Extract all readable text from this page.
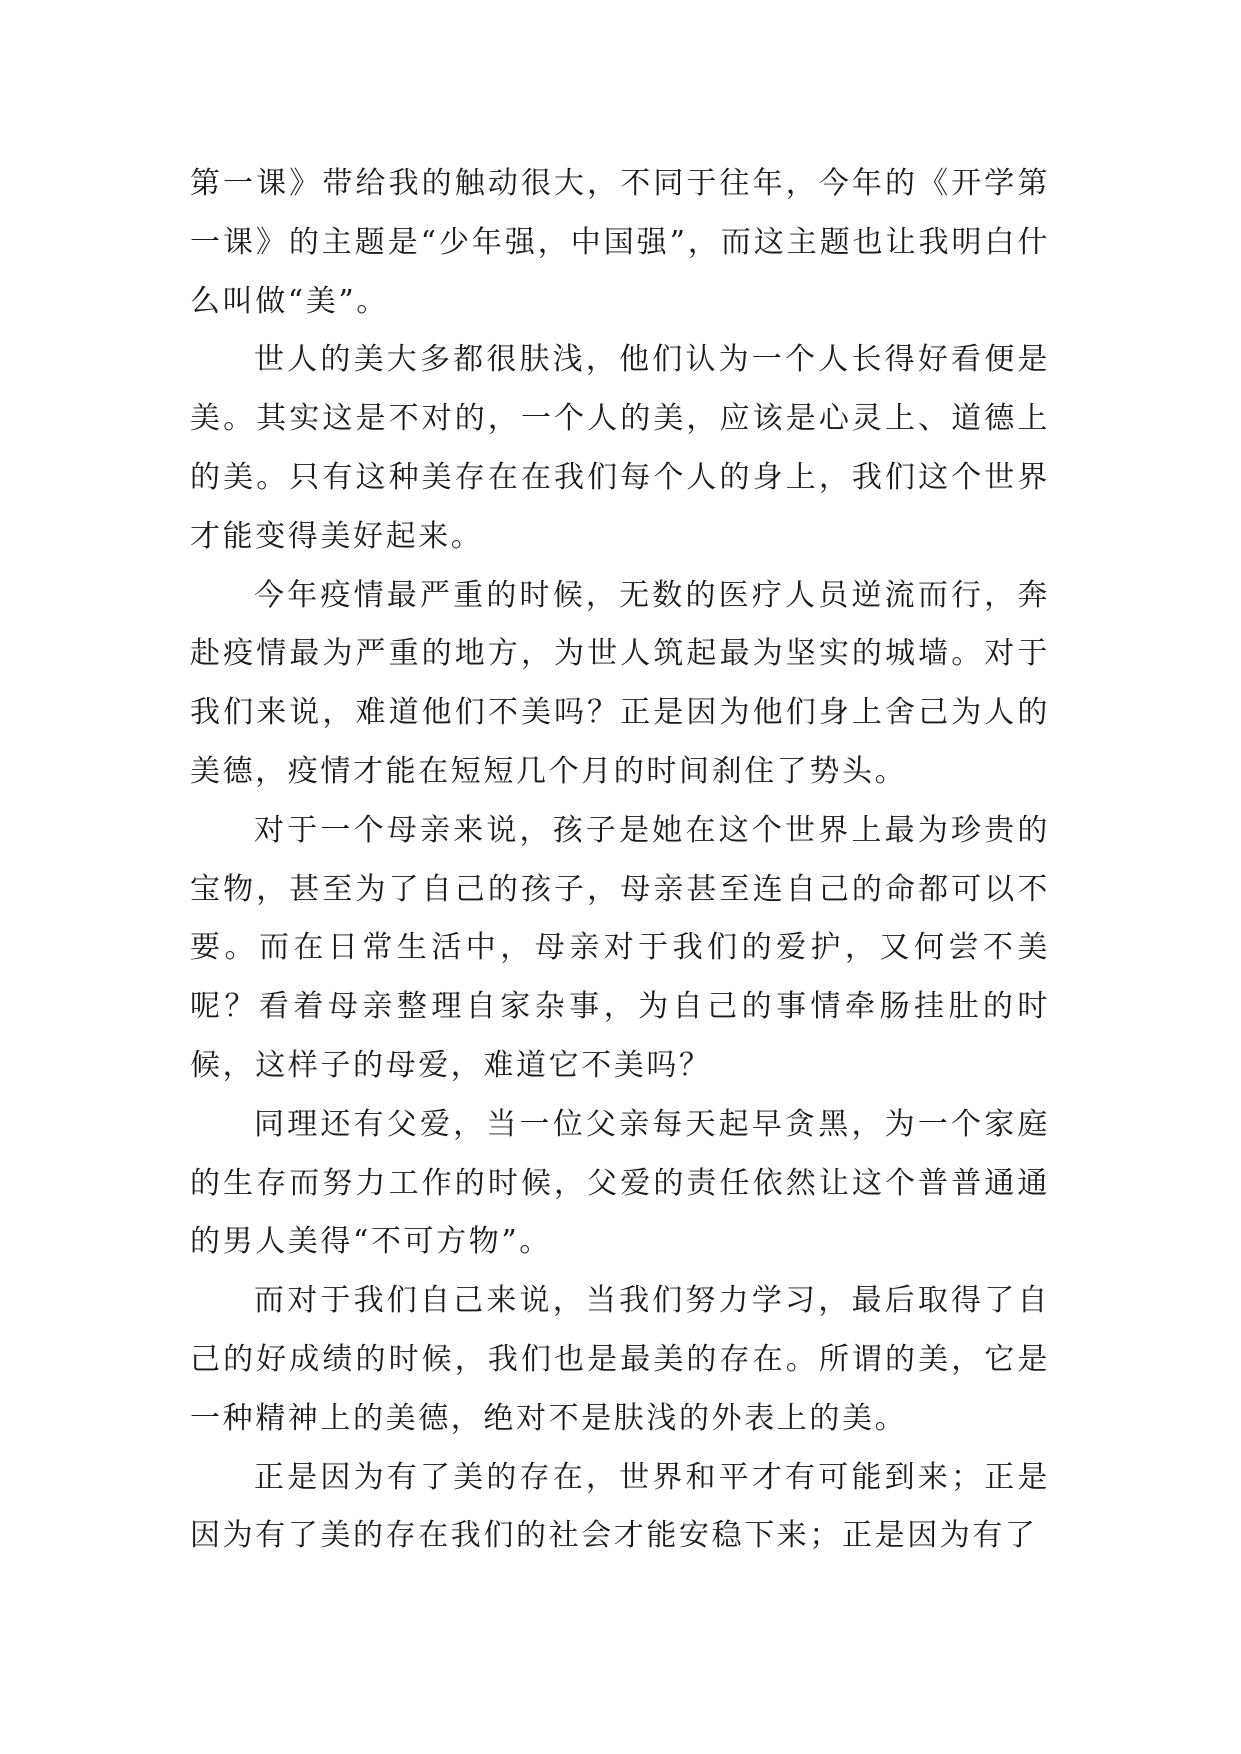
第一课》带给我的触动很大，不同于往年，今年的《开学第一课》的主题是“少年强，中国强”，而这主题也让我明白什么叫做“美”。

世人的美大多都很肤浅，他们认为一个人长得好看便是美。其实这是不对的，一个人的美，应该是心灵上、道德上的美。只有这种美存在在我们每个人的身上，我们这个世界才能变得美好起来。

今年疫情最严重的时候，无数的医疗人员逆流而行，奔赴疫情最为严重的地方，为世人筑起最为坚实的城墙。对于我们来说，难道他们不美吗？正是因为他们身上舍己为人的美德，疫情才能在短短几个月的时间刹住了势头。

对于一个母亲来说，孩子是她在这个世界上最为珍贵的宝物，甚至为了自己的孩子，母亲甚至连自己的命都可以不要。而在日常生活中，母亲对于我们的爱护，又何尝不美呢？看着母亲整理自家杂事，为自己的事情牵肠挂肚的时候，这样子的母爱，难道它不美吗？

同理还有父爱，当一位父亲每天起早贪黑，为一个家庭的生存而努力工作的时候，父爱的责任依然让这个普普通通的男人美得“不可方物”。

而对于我们自己来说，当我们努力学习，最后取得了自己的好成绩的时候，我们也是最美的存在。所谓的美，它是一种精神上的美德，绝对不是肤浅的外表上的美。

正是因为有了美的存在，世界和平才有可能到来；正是因为有了美的存在我们的社会才能安稳下来；正是因为有了
